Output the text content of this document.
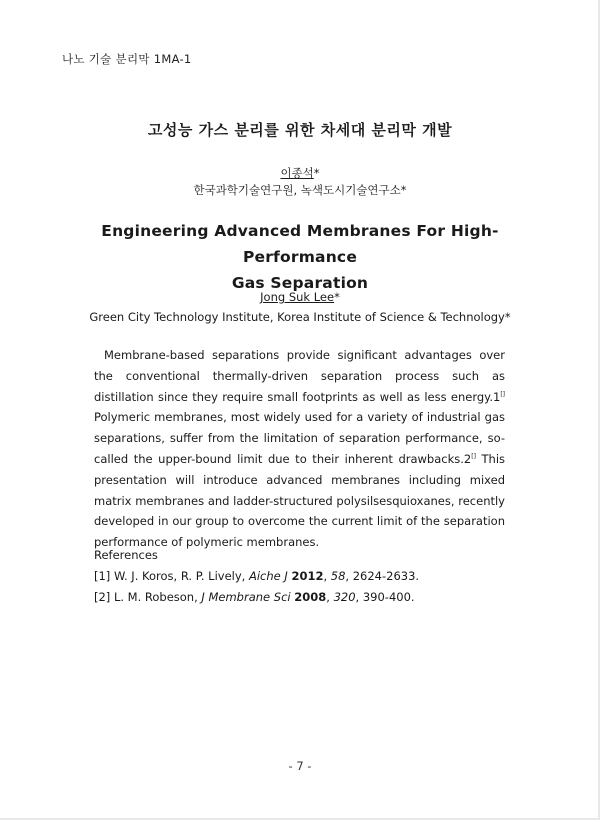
나노 기술 분리막 1MA-1
고성능 가스 분리를 위한 차세대 분리막 개발
이종석*
한국과학기술연구원, 녹색도시기술연구소*
Engineering Advanced Membranes For High-Performance
Gas Separation
Jong Suk Lee*
Green City Technology Institute, Korea Institute of Science & Technology*

Membrane-based separations provide significant advantages over the conventional thermally-driven separation process such as distillation since they require small footprints as well as less energy.1[] Polymeric membranes, most widely used for a variety of industrial gas separations, suffer from the limitation of separation performance, so-called the upper-bound limit due to their inherent drawbacks.2[] This presentation will introduce advanced membranes including mixed matrix membranes and ladder-structured polysilsesquioxanes, recently developed in our group to overcome the current limit of the separation performance of polymeric membranes.

References
[1] W. J. Koros, R. P. Lively, Aiche J 2012, 58, 2624-2633.
[2] L. M. Robeson, J Membrane Sci 2008, 320, 390-400.
- 7 -
